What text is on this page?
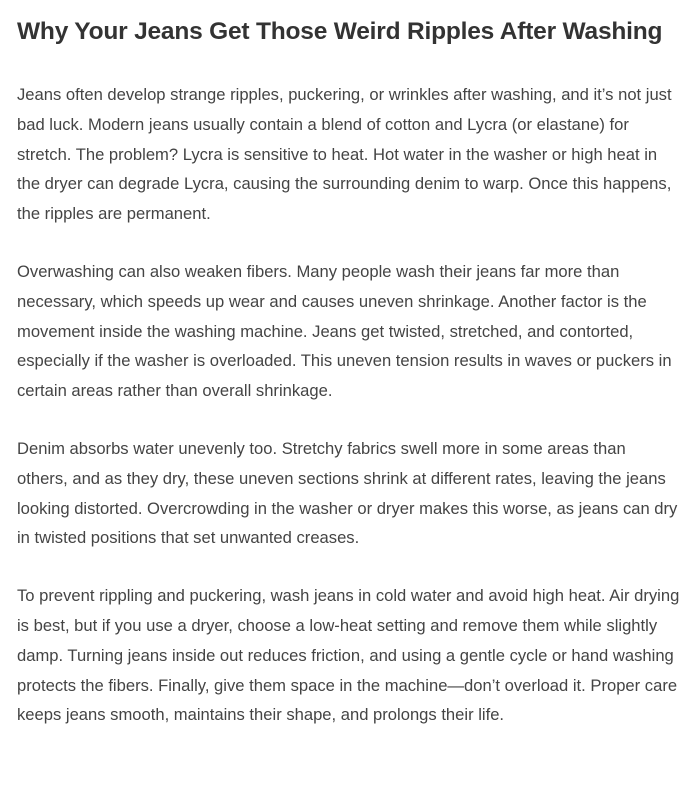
Why Your Jeans Get Those Weird Ripples After Washing

Jeans often develop strange ripples, puckering, or wrinkles after washing, and it’s not just bad luck. Modern jeans usually contain a blend of cotton and Lycra (or elastane) for stretch. The problem? Lycra is sensitive to heat. Hot water in the washer or high heat in the dryer can degrade Lycra, causing the surrounding denim to warp. Once this happens, the ripples are permanent.

Overwashing can also weaken fibers. Many people wash their jeans far more than necessary, which speeds up wear and causes uneven shrinkage. Another factor is the movement inside the washing machine. Jeans get twisted, stretched, and contorted, especially if the washer is overloaded. This uneven tension results in waves or puckers in certain areas rather than overall shrinkage.

Denim absorbs water unevenly too. Stretchy fabrics swell more in some areas than others, and as they dry, these uneven sections shrink at different rates, leaving the jeans looking distorted. Overcrowding in the washer or dryer makes this worse, as jeans can dry in twisted positions that set unwanted creases.

To prevent rippling and puckering, wash jeans in cold water and avoid high heat. Air drying is best, but if you use a dryer, choose a low-heat setting and remove them while slightly damp. Turning jeans inside out reduces friction, and using a gentle cycle or hand washing protects the fibers. Finally, give them space in the machine—don’t overload it. Proper care keeps jeans smooth, maintains their shape, and prolongs their life.
